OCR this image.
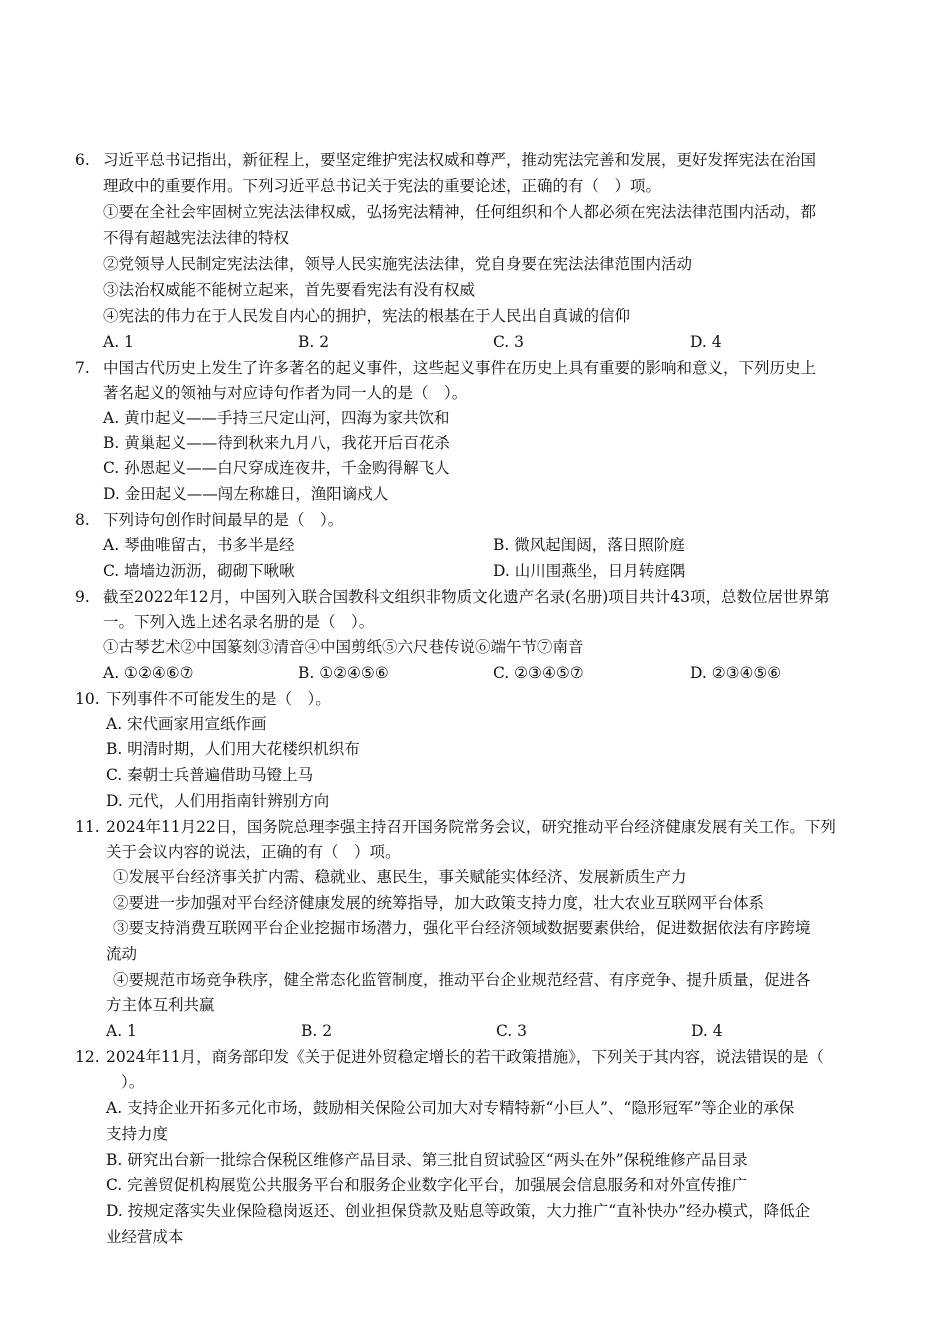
6. 习近平总书记指出，新征程上，要坚定维护宪法权威和尊严，推动宪法完善和发展，更好发挥宪法在治国
理政中的重要作用。下列习近平总书记关于宪法的重要论述，正确的有（　）项。
①要在全社会牢固树立宪法法律权威，弘扬宪法精神，任何组织和个人都必须在宪法法律范围内活动，都
不得有超越宪法法律的特权
②党领导人民制定宪法法律，领导人民实施宪法法律，党自身要在宪法法律范围内活动
③法治权威能不能树立起来，首先要看宪法有没有权威
④宪法的伟力在于人民发自内心的拥护，宪法的根基在于人民出自真诚的信仰
A. 1	B. 2	C. 3	D. 4
7. 中国古代历史上发生了许多著名的起义事件，这些起义事件在历史上具有重要的影响和意义，下列历史上
著名起义的领袖与对应诗句作者为同一人的是（　）。
A. 黄巾起义——手持三尺定山河，四海为家共饮和
B. 黄巢起义——待到秋来九月八，我花开后百花杀
C. 孙恩起义——白尺穿成连夜井，千金购得解飞人
D. 金田起义——闯左称雄日，渔阳谪戍人
8. 下列诗句创作时间最早的是（　）。
A. 琴曲唯留古，书多半是经	B. 微风起闺闼，落日照阶庭
C. 墙墙边沥沥，砌砌下啾啾	D. 山川围燕坐，日月转庭隅
9. 截至2022年12月，中国列入联合国教科文组织非物质文化遗产名录(名册)项目共计43项，总数位居世界第
一。下列入选上述名录名册的是（　）。
①古琴艺术②中国篆刻③清音④中国剪纸⑤六尺巷传说⑥端午节⑦南音
A. ①②④⑥⑦	B. ①②④⑤⑥	C. ②③④⑤⑦	D. ②③④⑤⑥
10. 下列事件不可能发生的是（　）。
A. 宋代画家用宣纸作画
B. 明清时期，人们用大花楼织机织布
C. 秦朝士兵普遍借助马镫上马
D. 元代，人们用指南针辨别方向
11. 2024年11月22日，国务院总理李强主持召开国务院常务会议，研究推动平台经济健康发展有关工作。下列
关于会议内容的说法，正确的有（　）项。
①发展平台经济事关扩内需、稳就业、惠民生，事关赋能实体经济、发展新质生产力
②要进一步加强对平台经济健康发展的统筹指导，加大政策支持力度，壮大农业互联网平台体系
③要支持消费互联网平台企业挖掘市场潜力，强化平台经济领域数据要素供给，促进数据依法有序跨境
流动
④要规范市场竞争秩序，健全常态化监管制度，推动平台企业规范经营、有序竞争、提升质量，促进各
方主体互利共赢
A. 1	B. 2	C. 3	D. 4
12. 2024年11月，商务部印发《关于促进外贸稳定增长的若干政策措施》，下列关于其内容，说法错误的是（
）。
A. 支持企业开拓多元化市场，鼓励相关保险公司加大对专精特新“小巨人”、“隐形冠军”等企业的承保
支持力度
B. 研究出台新一批综合保税区维修产品目录、第三批自贸试验区“两头在外”保税维修产品目录
C. 完善贸促机构展览公共服务平台和服务企业数字化平台，加强展会信息服务和对外宣传推广
D. 按规定落实失业保险稳岗返还、创业担保贷款及贴息等政策，大力推广“直补快办”经办模式，降低企
业经营成本
